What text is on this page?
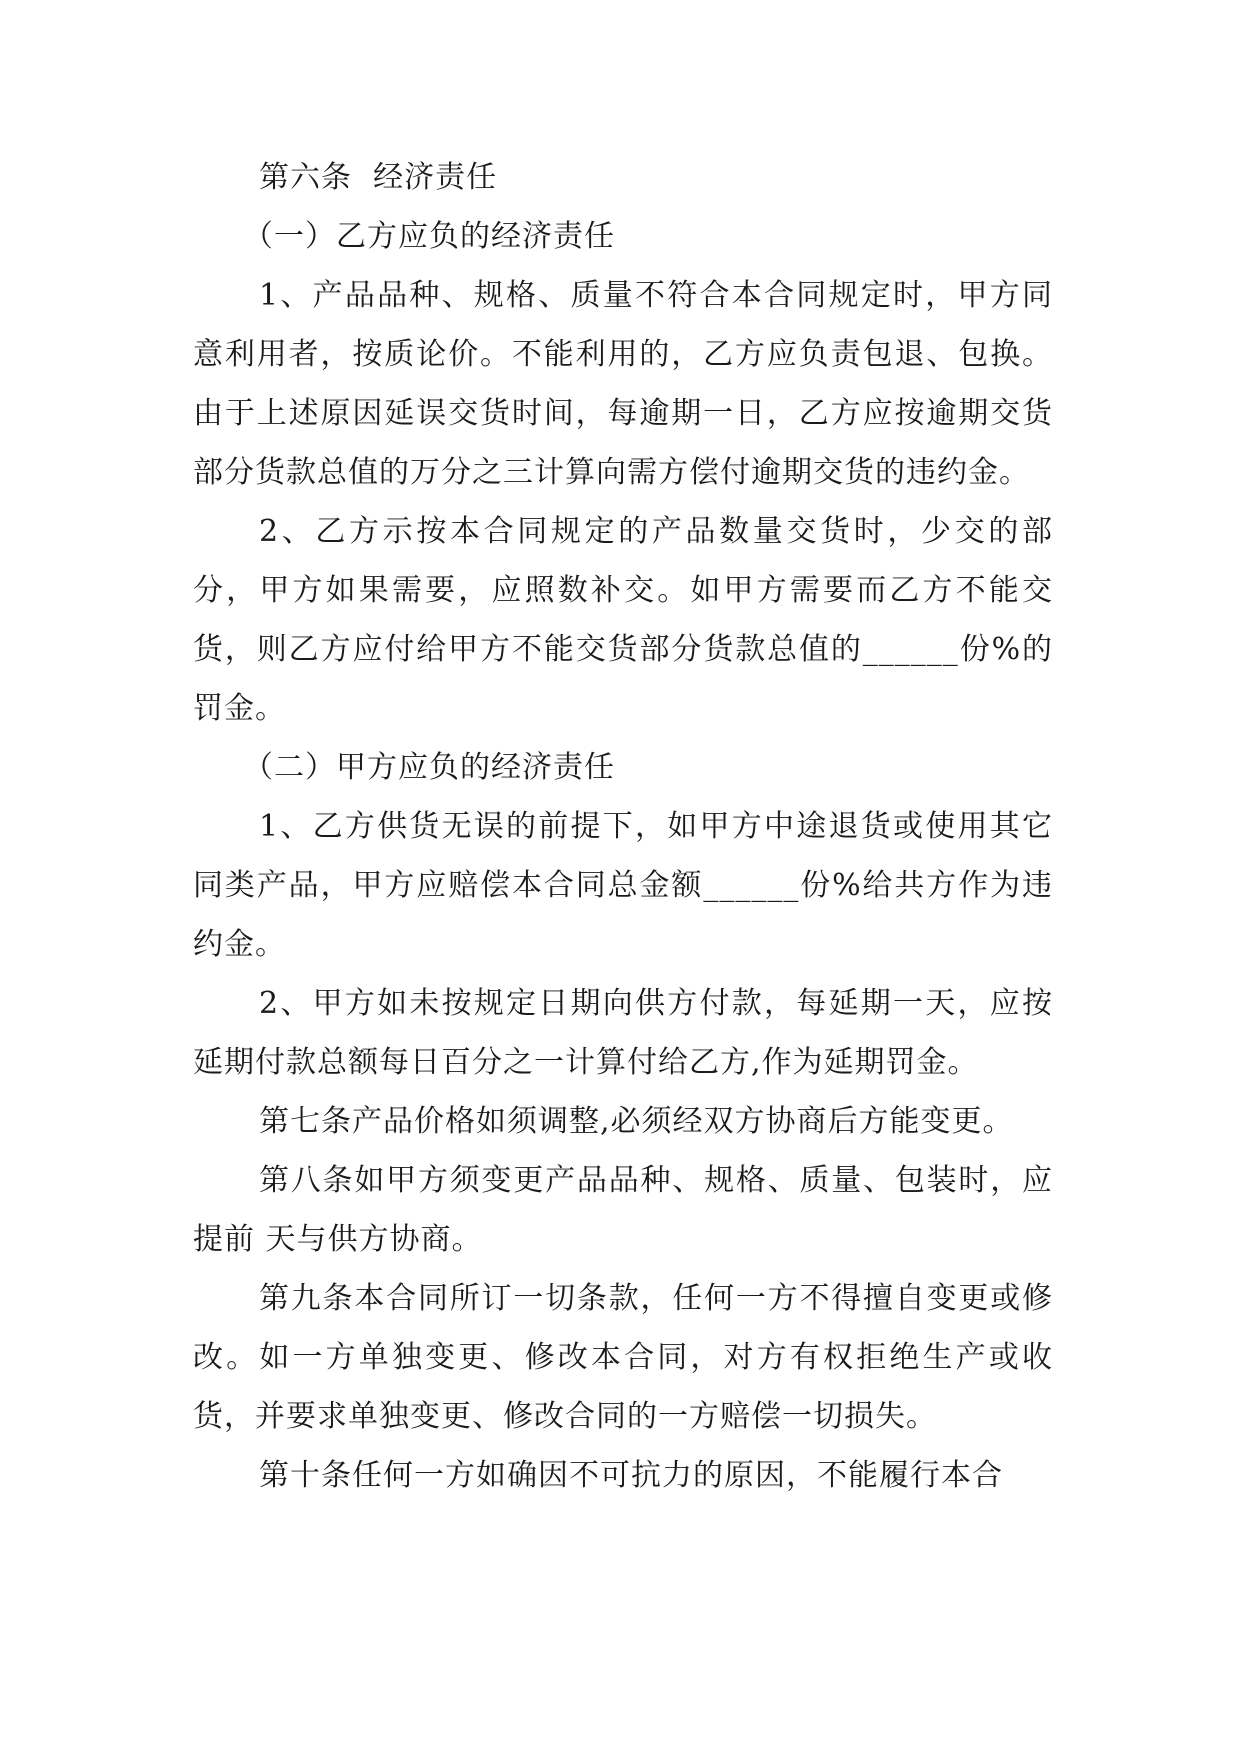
第六条  经济责任

（一）乙方应负的经济责任

1、产品品种、规格、质量不符合本合同规定时，甲方同意利用者，按质论价。不能利用的，乙方应负责包退、包换。由于上述原因延误交货时间，每逾期一日，乙方应按逾期交货部分货款总值的万分之三计算向需方偿付逾期交货的违约金。

2、乙方示按本合同规定的产品数量交货时，少交的部分，甲方如果需要，应照数补交。如甲方需要而乙方不能交货，则乙方应付给甲方不能交货部分货款总值的______份%的罚金。

（二）甲方应负的经济责任

1、乙方供货无误的前提下，如甲方中途退货或使用其它同类产品，甲方应赔偿本合同总金额______份%给共方作为违约金。

2、甲方如未按规定日期向供方付款，每延期一天，应按延期付款总额每日百分之一计算付给乙方,作为延期罚金。

第七条产品价格如须调整,必须经双方协商后方能变更。

第八条如甲方须变更产品品种、规格、质量、包装时，应提前 天与供方协商。

第九条本合同所订一切条款，任何一方不得擅自变更或修改。如一方单独变更、修改本合同，对方有权拒绝生产或收货，并要求单独变更、修改合同的一方赔偿一切损失。

第十条任何一方如确因不可抗力的原因，不能履行本合
